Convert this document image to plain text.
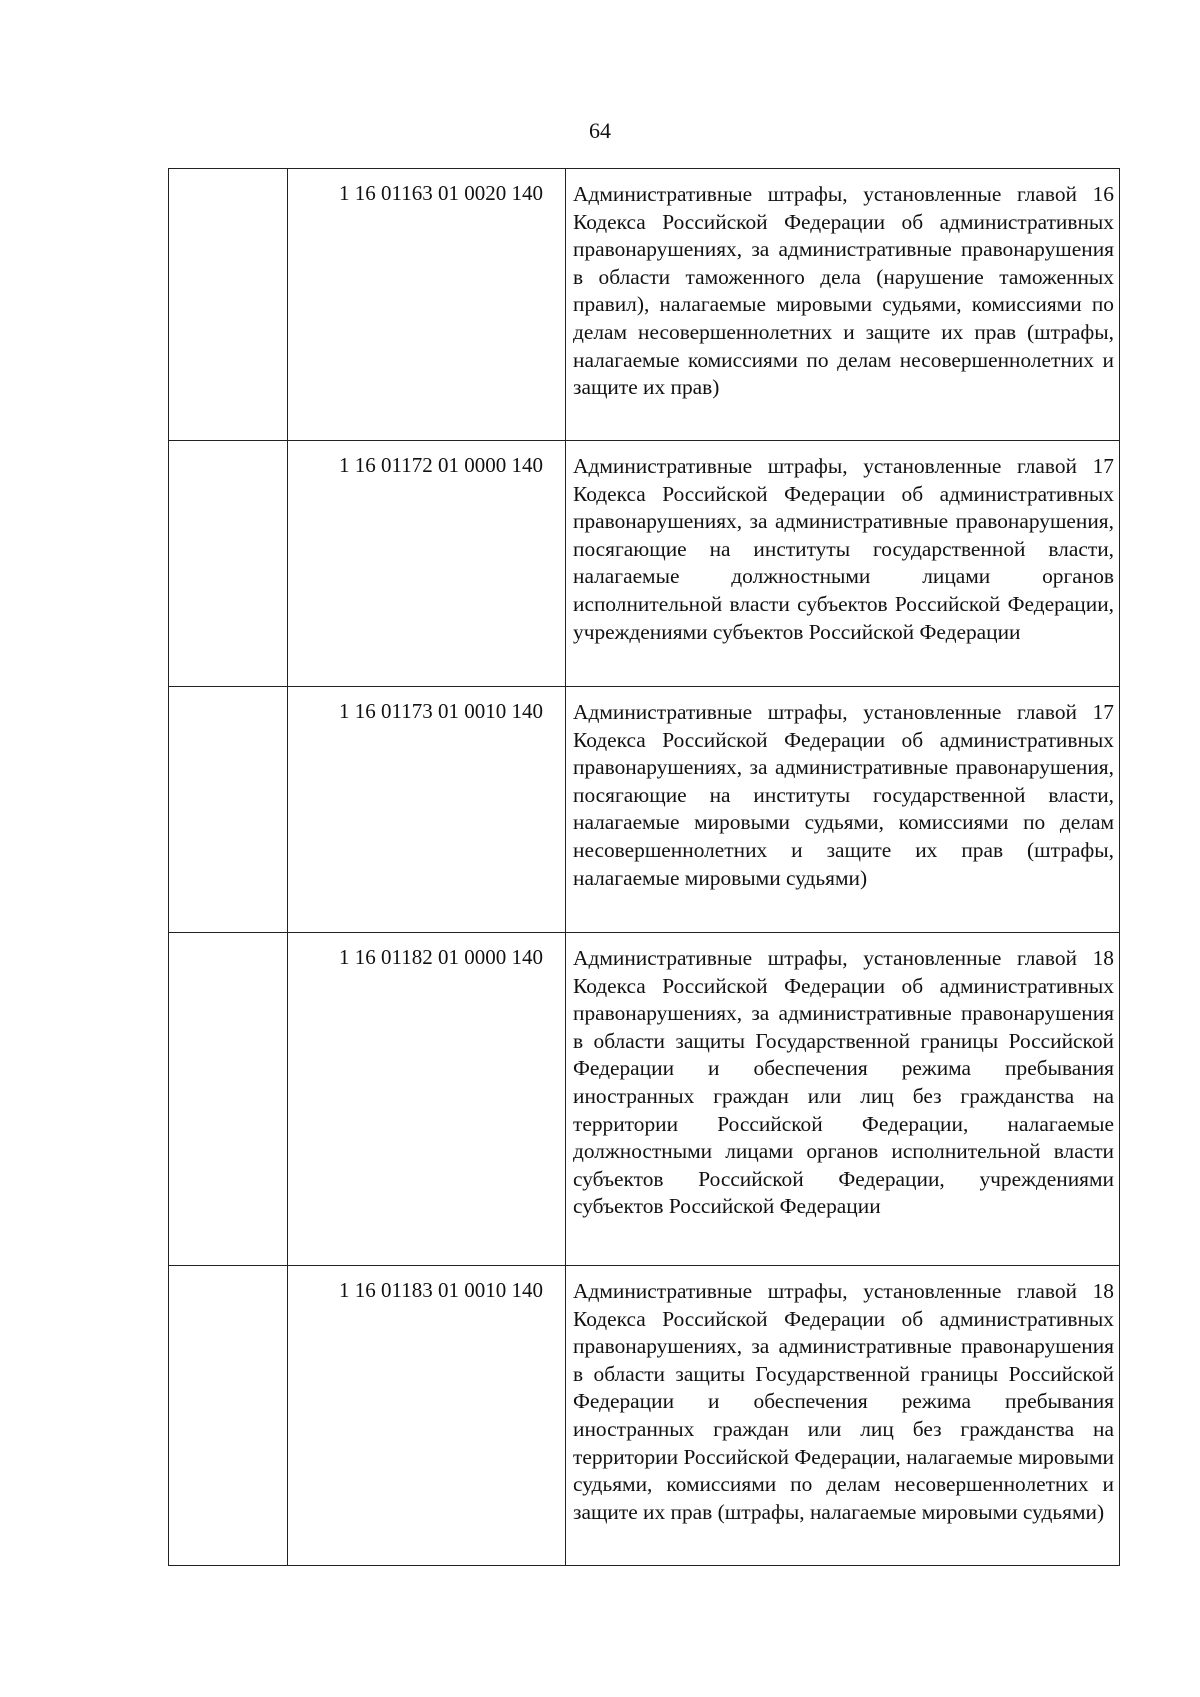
64
	1 16 01163 01 0020 140	Административные штрафы, установленные главой 16 Кодекса Российской Федерации об административных правонарушениях, за административные правонарушения в области таможенного дела (нарушение таможенных правил), налагаемые мировыми судьями, комиссиями по делам несовершеннолетних и защите их прав (штрафы, налагаемые комиссиями по делам несовершеннолетних и защите их прав)
	1 16 01172 01 0000 140	Административные штрафы, установленные главой 17 Кодекса Российской Федерации об административных правонарушениях, за административные правонарушения, посягающие на институты государственной власти, налагаемые должностными лицами органов исполнительной власти субъектов Российской Федерации, учреждениями субъектов Российской Федерации
	1 16 01173 01 0010 140	Административные штрафы, установленные главой 17 Кодекса Российской Федерации об административных правонарушениях, за административные правонарушения, посягающие на институты государственной власти, налагаемые мировыми судьями, комиссиями по делам несовершеннолетних и защите их прав (штрафы, налагаемые мировыми судьями)
	1 16 01182 01 0000 140	Административные штрафы, установленные главой 18 Кодекса Российской Федерации об административных правонарушениях, за административные правонарушения в области защиты Государственной границы Российской Федерации и обеспечения режима пребывания иностранных граждан или лиц без гражданства на территории Российской Федерации, налагаемые должностными лицами органов исполнительной власти субъектов Российской Федерации, учреждениями субъектов Российской Федерации
	1 16 01183 01 0010 140	Административные штрафы, установленные главой 18 Кодекса Российской Федерации об административных правонарушениях, за административные правонарушения в области защиты Государственной границы Российской Федерации и обеспечения режима пребывания иностранных граждан или лиц без гражданства на территории Российской Федерации, налагаемые мировыми судьями, комиссиями по делам несовершеннолетних и защите их прав (штрафы, налагаемые мировыми судьями)
